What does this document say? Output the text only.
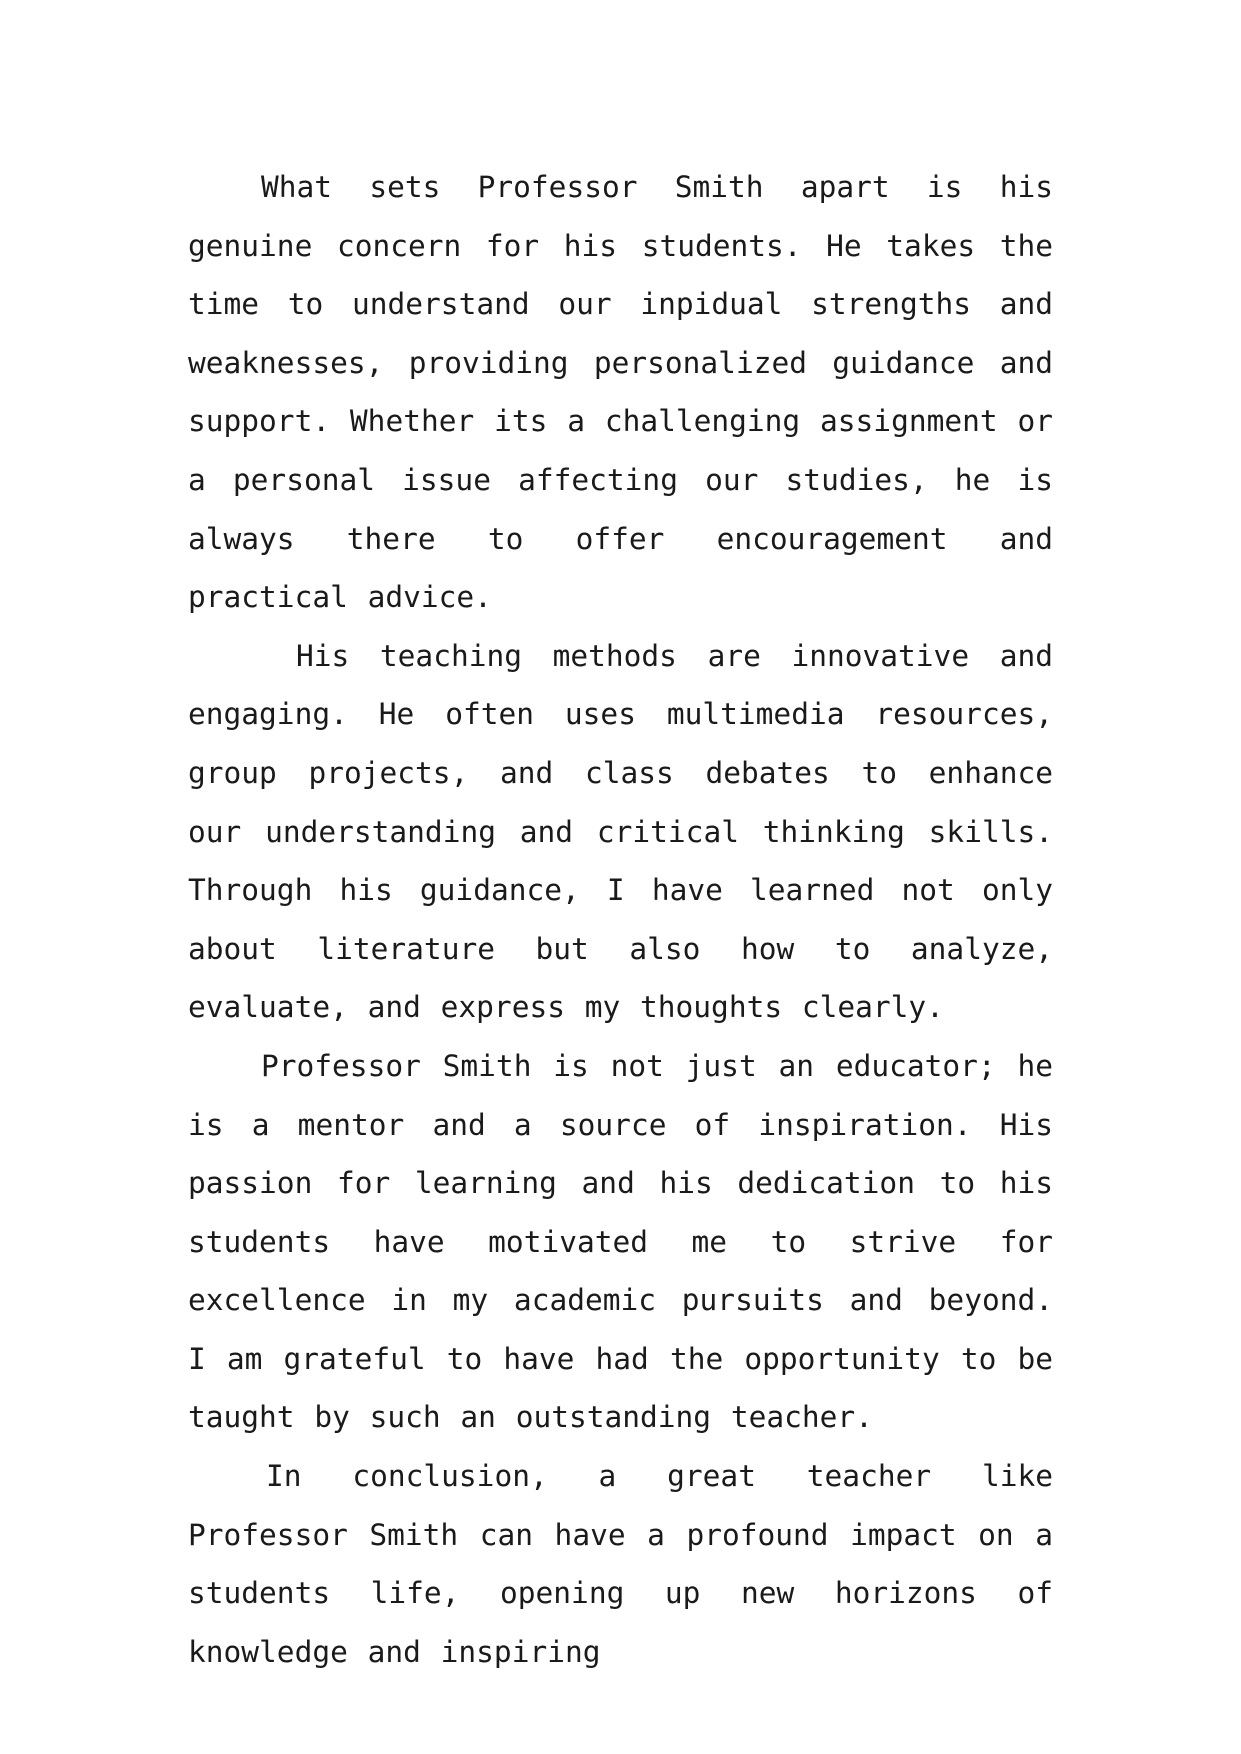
What sets Professor Smith apart is his genuine concern for his students. He takes the time to understand our inpidual strengths and weaknesses, providing personalized guidance and support. Whether its a challenging assignment or a personal issue affecting our studies, he is always there to offer encouragement and practical advice.

His teaching methods are innovative and engaging. He often uses multimedia resources, group projects, and class debates to enhance our understanding and critical thinking skills. Through his guidance, I have learned not only about literature but also how to analyze, evaluate, and express my thoughts clearly.

Professor Smith is not just an educator; he is a mentor and a source of inspiration. His passion for learning and his dedication to his students have motivated me to strive for excellence in my academic pursuits and beyond. I am grateful to have had the opportunity to be taught by such an outstanding teacher.

In conclusion, a great teacher like Professor Smith can have a profound impact on a students life, opening up new horizons of knowledge and inspiring
